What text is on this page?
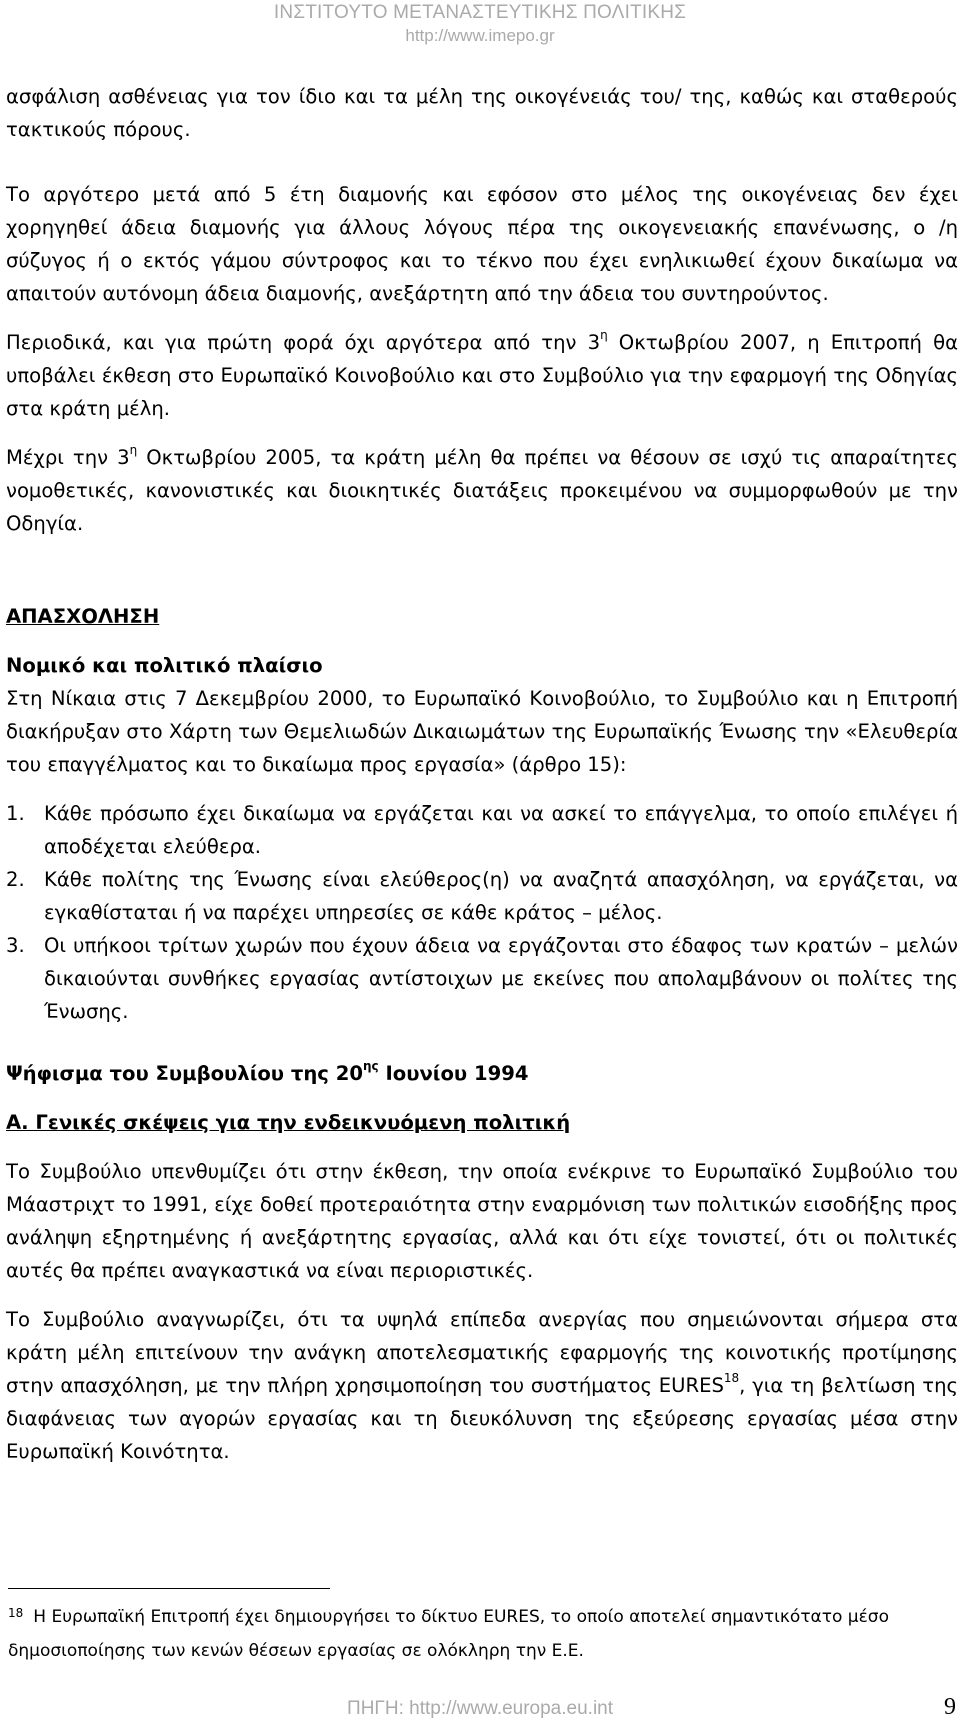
ΙΝΣΤΙΤΟΥΤΟ ΜΕΤΑΝΑΣΤΕΥΤΙΚΗΣ ΠΟΛΙΤΙΚΗΣ
http://www.imepo.gr

ασφάλιση ασθένειας για τον ίδιο και τα μέλη της οικογένειάς του/ της, καθώς και σταθερούς τακτικούς πόρους.

Το αργότερο μετά από 5 έτη διαμονής και εφόσον στο μέλος της οικογένειας δεν έχει χορηγηθεί άδεια διαμονής για άλλους λόγους πέρα της οικογενειακής επανένωσης, ο /η σύζυγος ή ο εκτός γάμου σύντροφος και το τέκνο που έχει ενηλικιωθεί έχουν δικαίωμα να απαιτούν αυτόνομη άδεια διαμονής, ανεξάρτητη από την άδεια του συντηρούντος.

Περιοδικά, και για πρώτη φορά όχι αργότερα από την $3^\eta$ Οκτωβρίου 2007, η Επιτροπή θα υποβάλει έκθεση στο Ευρωπαϊκό Κοινοβούλιο και στο Συμβούλιο για την εφαρμογή της Οδηγίας στα κράτη μέλη.

Μέχρι την $3^\eta$ Οκτωβρίου 2005, τα κράτη μέλη θα πρέπει να θέσουν σε ισχύ τις απαραίτητες νομοθετικές, κανονιστικές και διοικητικές διατάξεις προκειμένου να συμμορφωθούν με την Οδηγία.

ΑΠΑΣΧΟΛΗΣΗ

Νομικό και πολιτικό πλαίσιο

Στη Νίκαια στις 7 Δεκεμβρίου 2000, το Ευρωπαϊκό Κοινοβούλιο, το Συμβούλιο και η Επιτροπή διακήρυξαν στο Χάρτη των Θεμελιωδών Δικαιωμάτων της Ευρωπαϊκής Ένωσης την «Ελευθερία του επαγγέλματος και το δικαίωμα προς εργασία» (άρθρο 15):

1. Κάθε πρόσωπο έχει δικαίωμα να εργάζεται και να ασκεί το επάγγελμα, το οποίο επιλέγει ή αποδέχεται ελεύθερα.
2. Κάθε πολίτης της Ένωσης είναι ελεύθερος(η) να αναζητά απασχόληση, να εργάζεται, να εγκαθίσταται ή να παρέχει υπηρεσίες σε κάθε κράτος – μέλος.
3. Οι υπήκοοι τρίτων χωρών που έχουν άδεια να εργάζονται στο έδαφος των κρατών – μελών δικαιούνται συνθήκες εργασίας αντίστοιχων με εκείνες που απολαμβάνουν οι πολίτες της Ένωσης.

Ψήφισμα του Συμβουλίου της $20^{\eta\varsigma}$ Ιουνίου 1994

Α. Γενικές σκέψεις για την ενδεικνυόμενη πολιτική

Το Συμβούλιο υπενθυμίζει ότι στην έκθεση, την οποία ενέκρινε το Ευρωπαϊκό Συμβούλιο του Μάαστριχτ το 1991, είχε δοθεί προτεραιότητα στην εναρμόνιση των πολιτικών εισοδήξης προς ανάληψη εξηρτημένης ή ανεξάρτητης εργασίας, αλλά και ότι είχε τονιστεί, ότι οι πολιτικές αυτές θα πρέπει αναγκαστικά να είναι περιοριστικές.

Το Συμβούλιο αναγνωρίζει, ότι τα υψηλά επίπεδα ανεργίας που σημειώνονται σήμερα στα κράτη μέλη επιτείνουν την ανάγκη αποτελεσματικής εφαρμογής της κοινοτικής προτίμησης στην απασχόληση, με την πλήρη χρησιμοποίηση του συστήματος EURES$^{18}$, για τη βελτίωση της διαφάνειας των αγορών εργασίας και τη διευκόλυνση της εξεύρεσης εργασίας μέσα στην Ευρωπαϊκή Κοινότητα.

$^{18}$ Η Ευρωπαϊκή Επιτροπή έχει δημιουργήσει το δίκτυο EURES, το οποίο αποτελεί σημαντικότατο μέσο δημοσιοποίησης των κενών θέσεων εργασίας σε ολόκληρη την Ε.Ε.
ΠΗΓΗ: http://www.europa.eu.int	9
